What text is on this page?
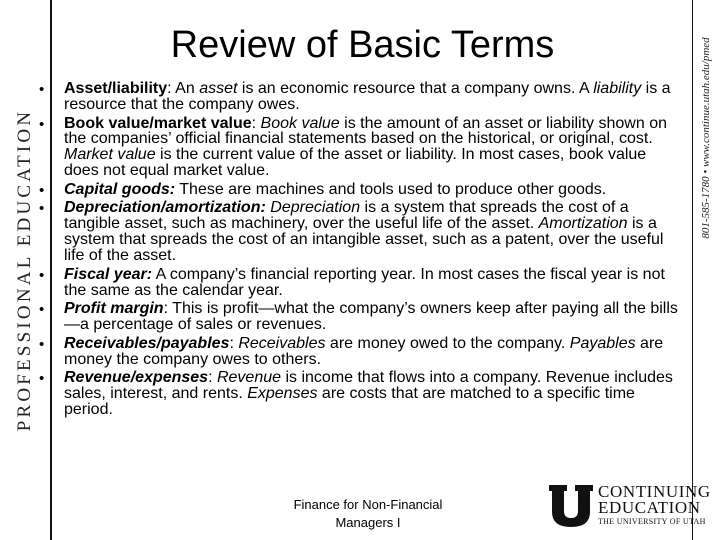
PROFESSIONAL EDUCATION	801-585-1780 • www.continue.utah.edu/pmed
Review of Basic Terms
• Asset/liability: An asset is an economic resource that a company owns. A liability is a resource that the company owes.
• Book value/market value: Book value is the amount of an asset or liability shown on the companies’ official financial statements based on the historical, or original, cost. Market value is the current value of the asset or liability. In most cases, book value does not equal market value.
• Capital goods: These are machines and tools used to produce other goods.
• Depreciation/amortization: Depreciation is a system that spreads the cost of a tangible asset, such as machinery, over the useful life of the asset. Amortization is a system that spreads the cost of an intangible asset, such as a patent, over the useful life of the asset.
• Fiscal year: A company’s financial reporting year. In most cases the fiscal year is not the same as the calendar year.
• Profit margin: This is profit—what the company’s owners keep after paying all the bills—a percentage of sales or revenues.
• Receivables/payables: Receivables are money owed to the company. Payables are money the company owes to others.
• Revenue/expenses: Revenue is income that flows into a company. Revenue includes sales, interest, and rents. Expenses are costs that are matched to a specific time period.
Finance for Non-Financial
Managers I
CONTINUING
EDUCATION
THE UNIVERSITY OF UTAH
